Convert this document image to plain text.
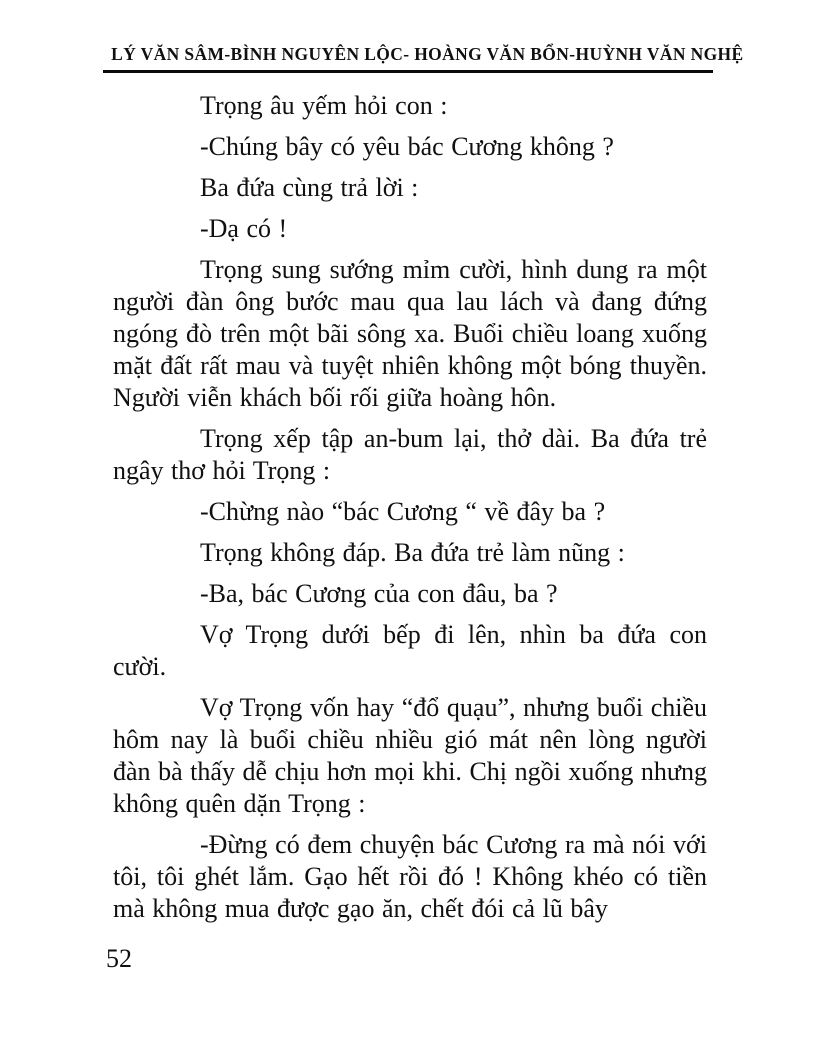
LÝ VĂN SÂM-BÌNH NGUYÊN LỘC- HOÀNG VĂN BỔN-HUỲNH VĂN NGHỆ

Trọng âu yếm hỏi con :

-Chúng bây có yêu bác Cương không ?

Ba đứa cùng trả lời :

-Dạ có !

Trọng sung sướng mỉm cười, hình dung ra một người đàn ông bước mau qua lau lách và đang đứng ngóng đò trên một bãi sông xa. Buổi chiều loang xuống mặt đất rất mau và tuyệt nhiên không một bóng thuyền. Người viễn khách bối rối giữa hoàng hôn.

Trọng xếp tập an-bum lại, thở dài. Ba đứa trẻ ngây thơ hỏi Trọng :

-Chừng nào “bác Cương “ về đây ba ?

Trọng không đáp. Ba đứa trẻ làm nũng :

-Ba, bác Cương của con đâu, ba ?

Vợ Trọng dưới bếp đi lên, nhìn ba đứa con cười.

Vợ Trọng vốn hay “đổ quạu”, nhưng buổi chiều hôm nay là buổi chiều nhiều gió mát nên lòng người đàn bà thấy dễ chịu hơn mọi khi. Chị ngồi xuống nhưng không quên dặn Trọng :

-Đừng có đem chuyện bác Cương ra mà nói với tôi, tôi ghét lắm. Gạo hết rồi đó ! Không khéo có tiền mà không mua được gạo ăn, chết đói cả lũ bây

52
